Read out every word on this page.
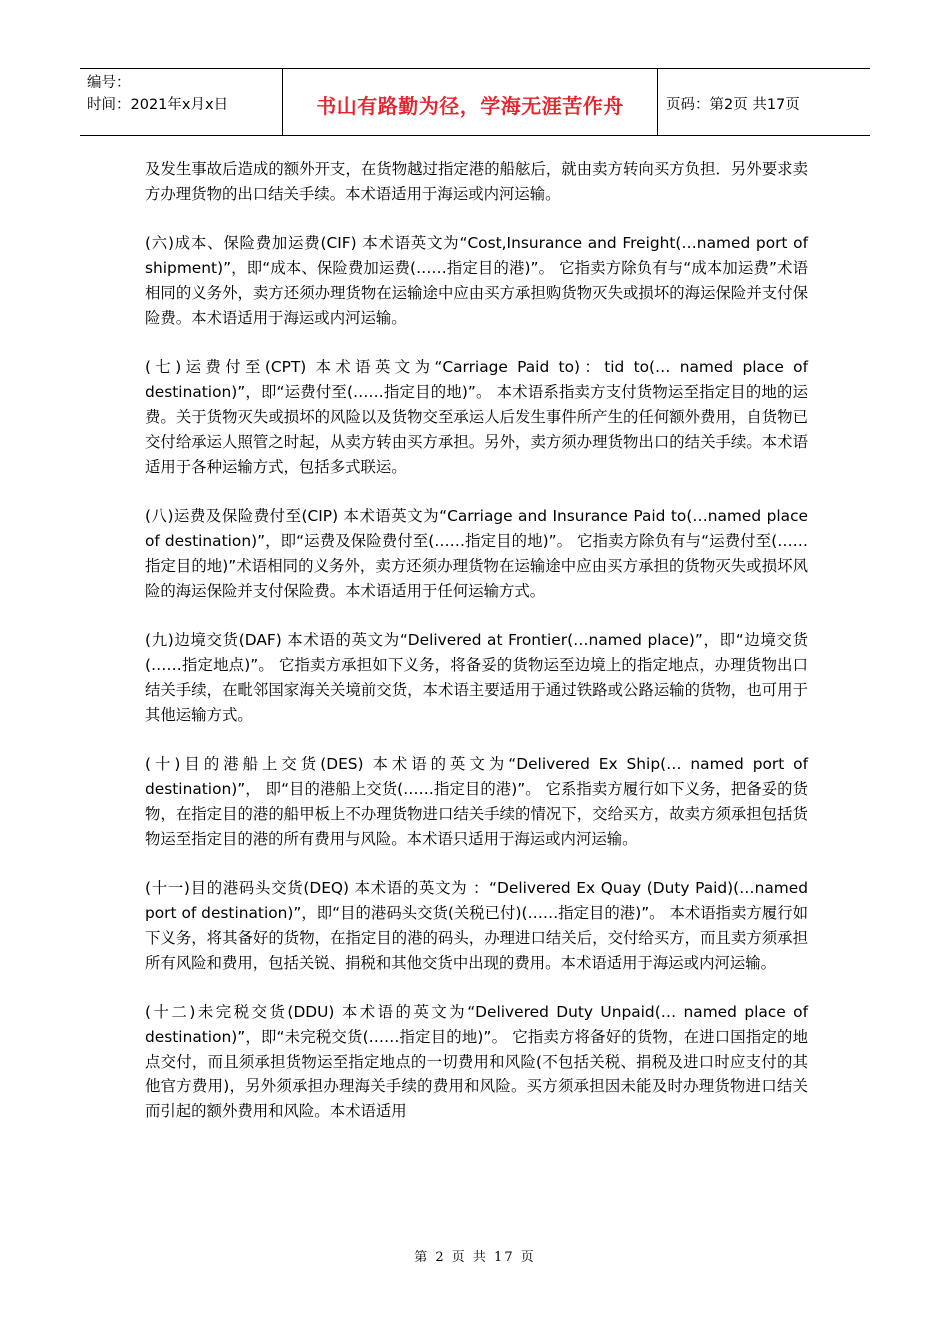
编号：
时间：2021年x月x日	书山有路勤为径，学海无涯苦作舟	页码：第2页 共17页

及发生事故后造成的额外开支，在货物越过指定港的船舷后，就由卖方转向买方负担．另外要求卖方办理货物的出口结关手续。本术语适用于海运或内河运输。

(六)成本、保险费加运费(CIF) 本术语英文为“Cost,Insurance and Freight(…named port of shipment)”，即“成本、保险费加运费(……指定目的港)”。 它指卖方除负有与“成本加运费”术语相同的义务外，卖方还须办理货物在运输途中应由买方承担购货物灭失或损坏的海运保险并支付保险费。本术语适用于海运或内河运输。

(七)运费付至(CPT) 本术语英文为“Carriage Paid to)：tid to(… named place of destination)”，即“运费付至(……指定目的地)”。 本术语系指卖方支付货物运至指定目的地的运费。关于货物灭失或损坏的风险以及货物交至承运人后发生事件所产生的任何额外费用，自货物已交付给承运人照管之时起，从卖方转由买方承担。另外，卖方须办理货物出口的结关手续。本术语适用于各种运输方式，包括多式联运。

(八)运费及保险费付至(CIP) 本术语英文为“Carriage and Insurance Paid to(…named place of destination)”，即“运费及保险费付至(……指定目的地)”。 它指卖方除负有与“运费付至(……指定目的地)”术语相同的义务外，卖方还须办理货物在运输途中应由买方承担的货物灭失或损坏风险的海运保险并支付保险费。本术语适用于任何运输方式。

(九)边境交货(DAF) 本术语的英文为“Delivered at Frontier(…named place)”，即“边境交货(……指定地点)”。 它指卖方承担如下义务，将备妥的货物运至边境上的指定地点，办理货物出口结关手续，在毗邻国家海关关境前交货，本术语主要适用于通过铁路或公路运输的货物，也可用于其他运输方式。

(十)目的港船上交货(DES) 本术语的英文为“Delivered Ex Ship(… named port of destination)”， 即“目的港船上交货(……指定目的港)”。 它系指卖方履行如下义务，把备妥的货物，在指定目的港的船甲板上不办理货物进口结关手续的情况下，交给买方，故卖方须承担包括货物运至指定目的港的所有费用与风险。本术语只适用于海运或内河运输。

(十一)目的港码头交货(DEQ) 本术语的英文为 ：“Delivered Ex Quay (Duty Paid)(…named port of destination)”，即“目的港码头交货(关税已付)(……指定目的港)”。 本术语指卖方履行如下义务，将其备好的货物，在指定目的港的码头，办理进口结关后，交付给买方，而且卖方须承担所有风险和费用，包括关锐、捐税和其他交货中出现的费用。本术语适用于海运或内河运输。

(十二)未完税交货(DDU) 本术语的英文为“Delivered Duty Unpaid(… named place of destination)”，即“未完税交货(……指定目的地)”。 它指卖方将备好的货物，在进口国指定的地点交付，而且须承担货物运至指定地点的一切费用和风险(不包括关税、捐税及进口时应支付的其他官方费用)，另外须承担办理海关手续的费用和风险。买方须承担因未能及时办理货物进口结关而引起的额外费用和风险。本术语适用

第 2 页 共 17 页
